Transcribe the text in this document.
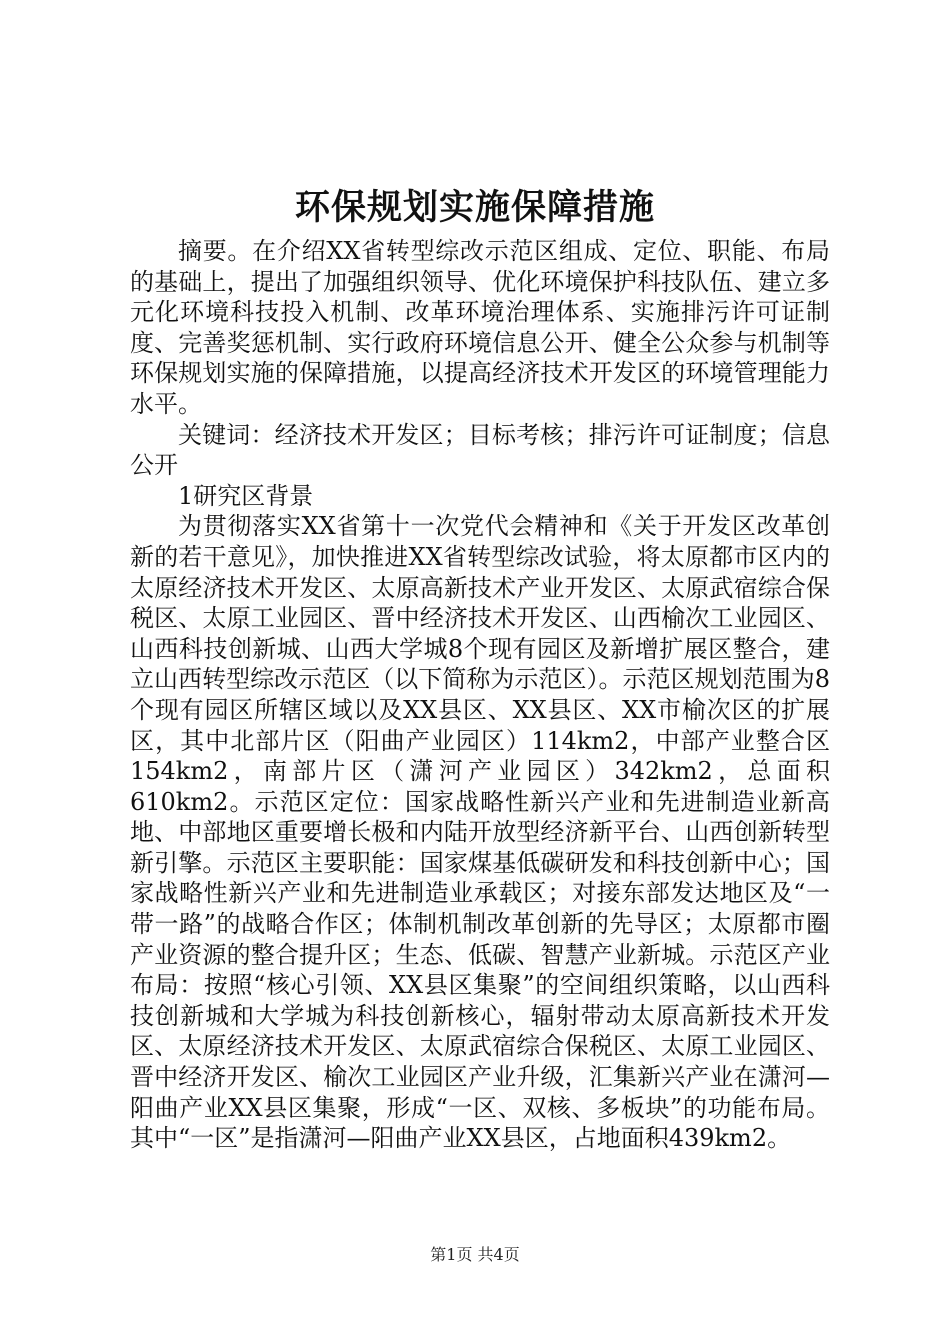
环保规划实施保障措施

摘要。在介绍XX省转型综改示范区组成、定位、职能、布局的基础上，提出了加强组织领导、优化环境保护科技队伍、建立多元化环境科技投入机制、改革环境治理体系、实施排污许可证制度、完善奖惩机制、实行政府环境信息公开、健全公众参与机制等环保规划实施的保障措施，以提高经济技术开发区的环境管理能力水平。

关键词：经济技术开发区；目标考核；排污许可证制度；信息公开

1研究区背景

为贯彻落实XX省第十一次党代会精神和《关于开发区改革创新的若干意见》，加快推进XX省转型综改试验，将太原都市区内的太原经济技术开发区、太原高新技术产业开发区、太原武宿综合保税区、太原工业园区、晋中经济技术开发区、山西榆次工业园区、山西科技创新城、山西大学城8个现有园区及新增扩展区整合，建立山西转型综改示范区（以下简称为示范区）。示范区规划范围为8个现有园区所辖区域以及XX县区、XX县区、XX市榆次区的扩展区，其中北部片区（阳曲产业园区）114km2，中部产业整合区154km2，南部片区（潇河产业园区）342km2，总面积610km2。示范区定位：国家战略性新兴产业和先进制造业新高地、中部地区重要增长极和内陆开放型经济新平台、山西创新转型新引擎。示范区主要职能：国家煤基低碳研发和科技创新中心；国家战略性新兴产业和先进制造业承载区；对接东部发达地区及“一带一路”的战略合作区；体制机制改革创新的先导区；太原都市圈产业资源的整合提升区；生态、低碳、智慧产业新城。示范区产业布局：按照“核心引领、XX县区集聚”的空间组织策略，以山西科技创新城和大学城为科技创新核心，辐射带动太原高新技术开发区、太原经济技术开发区、太原武宿综合保税区、太原工业园区、晋中经济开发区、榆次工业园区产业升级，汇集新兴产业在潇河—阳曲产业XX县区集聚，形成“一区、双核、多板块”的功能布局。其中“一区”是指潇河—阳曲产业XX县区，占地面积439km2。

第1页 共4页
